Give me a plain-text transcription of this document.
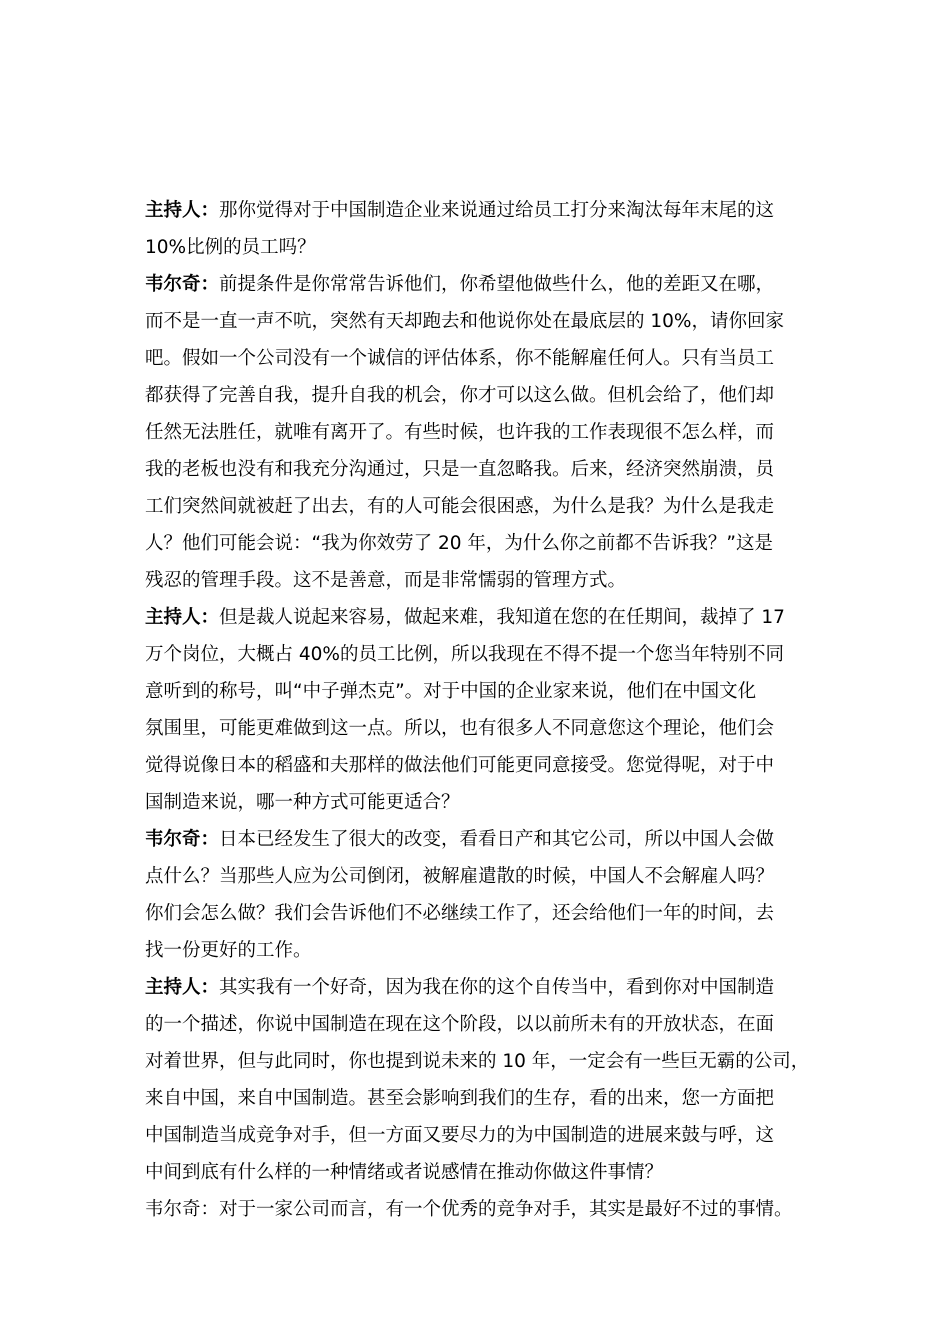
主持人：那你觉得对于中国制造企业来说通过给员工打分来淘汰每年末尾的这
10%比例的员工吗？
韦尔奇：前提条件是你常常告诉他们，你希望他做些什么，他的差距又在哪，
而不是一直一声不吭，突然有天却跑去和他说你处在最底层的 10%，请你回家
吧。假如一个公司没有一个诚信的评估体系，你不能解雇任何人。只有当员工
都获得了完善自我，提升自我的机会，你才可以这么做。但机会给了，他们却
任然无法胜任，就唯有离开了。有些时候，也许我的工作表现很不怎么样，而
我的老板也没有和我充分沟通过，只是一直忽略我。后来，经济突然崩溃，员
工们突然间就被赶了出去，有的人可能会很困惑，为什么是我？为什么是我走
人？他们可能会说：“我为你效劳了 20 年，为什么你之前都不告诉我？”这是
残忍的管理手段。这不是善意，而是非常懦弱的管理方式。
主持人：但是裁人说起来容易，做起来难，我知道在您的在任期间，裁掉了 17
万个岗位，大概占 40%的员工比例，所以我现在不得不提一个您当年特别不同
意听到的称号，叫“中子弹杰克”。对于中国的企业家来说，他们在中国文化
氛围里，可能更难做到这一点。所以，也有很多人不同意您这个理论，他们会
觉得说像日本的稻盛和夫那样的做法他们可能更同意接受。您觉得呢，对于中
国制造来说，哪一种方式可能更适合？
韦尔奇：日本已经发生了很大的改变，看看日产和其它公司，所以中国人会做
点什么？当那些人应为公司倒闭，被解雇遣散的时候，中国人不会解雇人吗？
你们会怎么做？我们会告诉他们不必继续工作了，还会给他们一年的时间，去
找一份更好的工作。
主持人：其实我有一个好奇，因为我在你的这个自传当中，看到你对中国制造
的一个描述，你说中国制造在现在这个阶段，以以前所未有的开放状态，在面
对着世界，但与此同时，你也提到说未来的 10 年，一定会有一些巨无霸的公司，
来自中国，来自中国制造。甚至会影响到我们的生存，看的出来，您一方面把
中国制造当成竞争对手，但一方面又要尽力的为中国制造的进展来鼓与呼，这
中间到底有什么样的一种情绪或者说感情在推动你做这件事情？
韦尔奇：对于一家公司而言，有一个优秀的竞争对手，其实是最好不过的事情。
